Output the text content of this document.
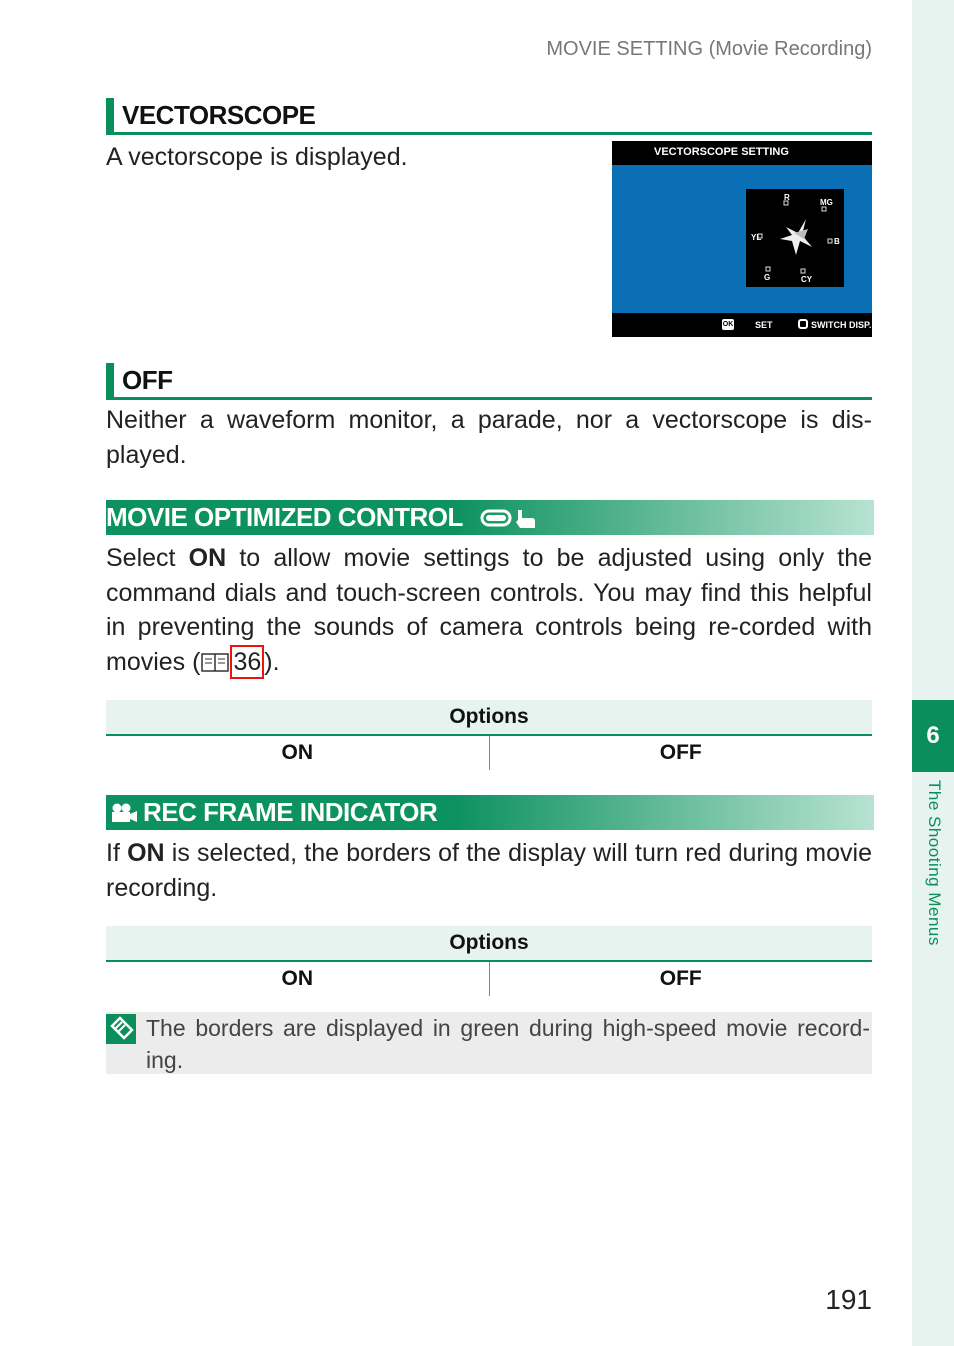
MOVIE SETTING (Movie Recording)
VECTORSCOPE
A vectorscope is displayed.	VECTORSCOPE SETTING
R
MG
YL	B
G	CY
OK SET	SWITCH DISP.
OFF
Neither a waveform monitor, a parade, nor a vectorscope is dis-played.
MOVIE OPTIMIZED CONTROL
Select ON to allow movie settings to be adjusted using only the command dials and touch-screen controls. You may find this helpful in preventing the sounds of camera controls being re-corded with movies ( 36 ).
Options
ON	OFF
REC FRAME INDICATOR
If ON is selected, the borders of the display will turn red during movie recording.
Options
ON	OFF
The borders are displayed in green during high-speed movie record-ing.
6
The Shooting Menus
191
